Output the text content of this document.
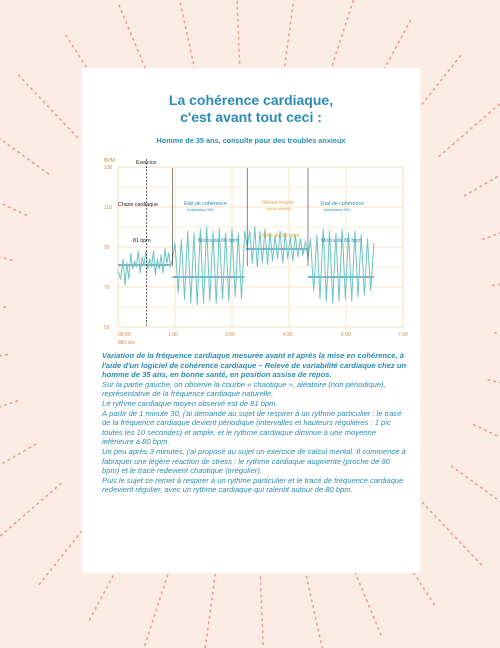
La cohérence cardiaque,
c'est avant tout ceci :
Homme de 35 ans, consulte pour des troubles anxieux
BPM
130
110
90
70
50
00:00	1:30	3:00	4:30	6:00	7:30
Min:sec
Exercice
Chaos cardiaque	Etat de cohérence
(respiration 5/5)
Stress moyen
(calcul mental)
Etat de cohérence
(respiration 5/5)
81 bpm	Moins de 80 bpm
Près de 90 bpm
Moins de 80 bpm

Variation de la fréquence cardiaque mesurée avant et après la mise en cohérence, à l'aide d'un logiciel de cohérence cardiaque – Relevé de variabilité cardiaque chez un homme de 35 ans, en bonne santé, en position assise de repos.

Sur la partie gauche, on observe la courbe « chaotique », aléatoire (non périodique), représentative de la fréquence cardiaque naturelle.

Le rythme cardiaque moyen observé est de 81 bpm.

À partir de 1 minute 30, j'ai demandé au sujet de respirer à un rythme particulier : le tracé de la fréquence cardiaque devient périodique (intervalles et hauteurs régulières : 1 pic toutes les 10 secondes) et ample, et le rythme cardiaque diminue à une moyenne inférieure à 80 bpm.

Un peu après 3 minutes, j'ai proposé au sujet un exercice de calcul mental. Il commence à fabriquer une légère réaction de stress : le rythme cardiaque augmente (proche de 90 bpm) et le tracé redevient chaotique (irrégulier).

Puis le sujet se remet à respirer à un rythme particulier et le tracé de fréquence cardiaque redevient régulier, avec un rythme cardiaque qui ralentit autour de 80 bpm.
